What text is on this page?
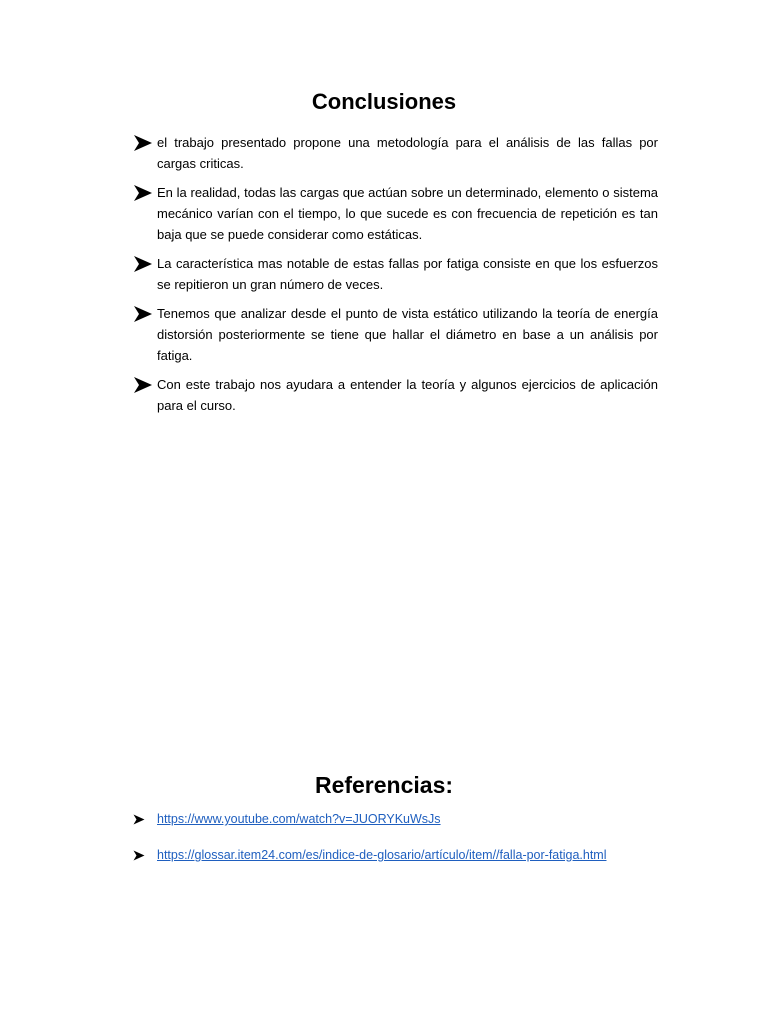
Conclusiones
el trabajo presentado propone una metodología para el análisis de las fallas por cargas criticas.
En la realidad, todas las cargas que actúan sobre un determinado, elemento o sistema mecánico varían con el tiempo, lo que sucede es con frecuencia de repetición es tan baja que se puede considerar como estáticas.
La característica mas notable de estas fallas por fatiga consiste en que los esfuerzos se repitieron un gran número de veces.
Tenemos que analizar desde el punto de vista estático utilizando la teoría de energía distorsión posteriormente se tiene que hallar el diámetro en base a un análisis por fatiga.
Con este trabajo nos ayudara a entender la teoría y algunos ejercicios de aplicación para el curso.
Referencias:
https://www.youtube.com/watch?v=JUORYKuWsJs
https://glossar.item24.com/es/indice-de-glosario/artículo/item//falla-por-fatiga.html
